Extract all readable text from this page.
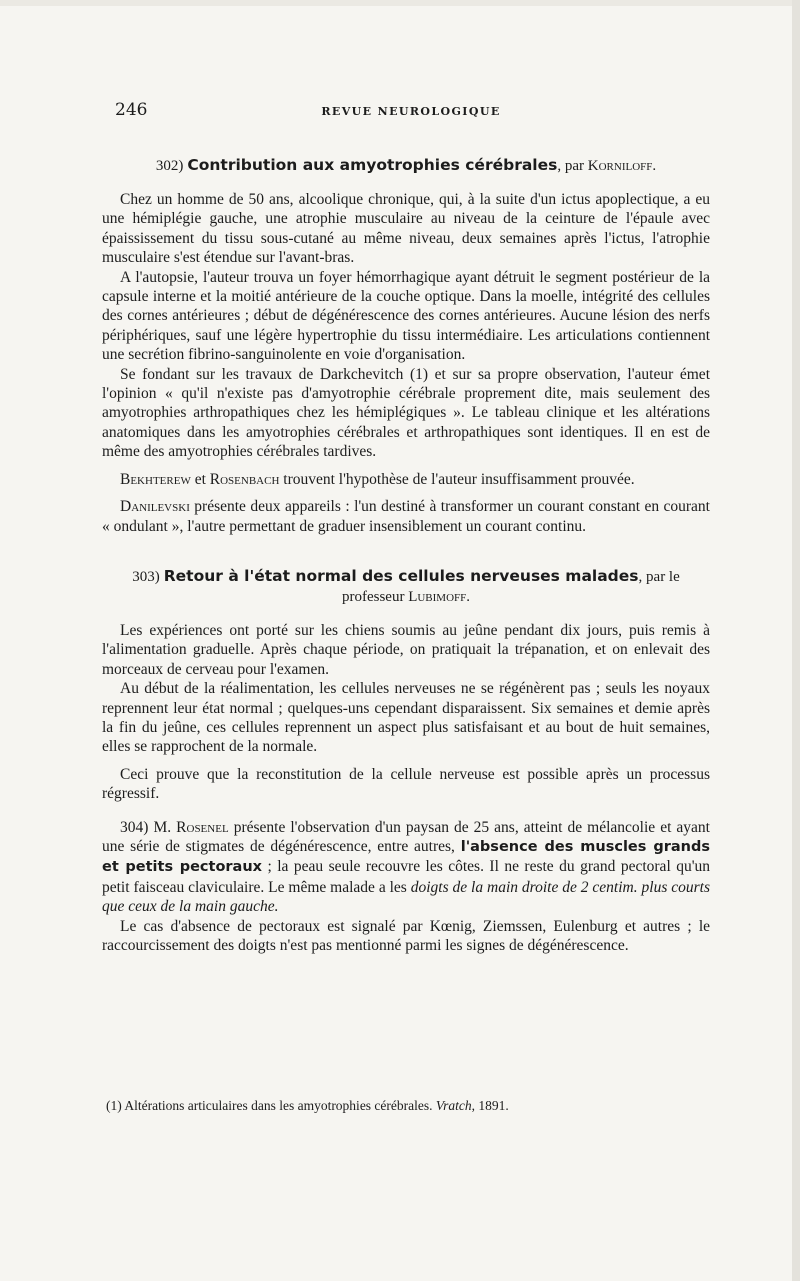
246	REVUE NEUROLOGIQUE
302) Contribution aux amyotrophies cérébrales, par Korniloff.

Chez un homme de 50 ans, alcoolique chronique, qui, à la suite d'un ictus apoplectique, a eu une hémiplégie gauche, une atrophie musculaire au niveau de la ceinture de l'épaule avec épaississement du tissu sous-cutané au même niveau, deux semaines après l'ictus, l'atrophie musculaire s'est étendue sur l'avant-bras.

A l'autopsie, l'auteur trouva un foyer hémorrhagique ayant détruit le segment postérieur de la capsule interne et la moitié antérieure de la couche optique. Dans la moelle, intégrité des cellules des cornes antérieures ; début de dégénérescence des cornes antérieures. Aucune lésion des nerfs périphériques, sauf une légère hypertrophie du tissu intermédiaire. Les articulations contiennent une secrétion fibrino-sanguinolente en voie d'organisation.

Se fondant sur les travaux de Darkchevitch (1) et sur sa propre observation, l'auteur émet l'opinion « qu'il n'existe pas d'amyotrophie cérébrale proprement dite, mais seulement des amyotrophies arthropathiques chez les hémiplégiques ». Le tableau clinique et les altérations anatomiques dans les amyotrophies cérébrales et arthropathiques sont identiques. Il en est de même des amyotrophies cérébrales tardives.

Bekhterew et Rosenbach trouvent l'hypothèse de l'auteur insuffisamment prouvée.

Danilevski présente deux appareils : l'un destiné à transformer un courant constant en courant « ondulant », l'autre permettant de graduer insensiblement un courant continu.

303) Retour à l'état normal des cellules nerveuses malades, par le
professeur Lubimoff.

Les expériences ont porté sur les chiens soumis au jeûne pendant dix jours, puis remis à l'alimentation graduelle. Après chaque période, on pratiquait la trépanation, et on enlevait des morceaux de cerveau pour l'examen.

Au début de la réalimentation, les cellules nerveuses ne se régénèrent pas ; seuls les noyaux reprennent leur état normal ; quelques-uns cependant disparaissent. Six semaines et demie après la fin du jeûne, ces cellules reprennent un aspect plus satisfaisant et au bout de huit semaines, elles se rapprochent de la normale.

Ceci prouve que la reconstitution de la cellule nerveuse est possible après un processus régressif.

304) M. Rosenel présente l'observation d'un paysan de 25 ans, atteint de mélancolie et ayant une série de stigmates de dégénérescence, entre autres, l'absence des muscles grands et petits pectoraux ; la peau seule recouvre les côtes. Il ne reste du grand pectoral qu'un petit faisceau claviculaire. Le même malade a les doigts de la main droite de 2 centim. plus courts que ceux de la main gauche.

Le cas d'absence de pectoraux est signalé par Kœnig, Ziemssen, Eulenburg et autres ; le raccourcissement des doigts n'est pas mentionné parmi les signes de dégénérescence.

(1) Altérations articulaires dans les amyotrophies cérébrales. Vratch, 1891.
